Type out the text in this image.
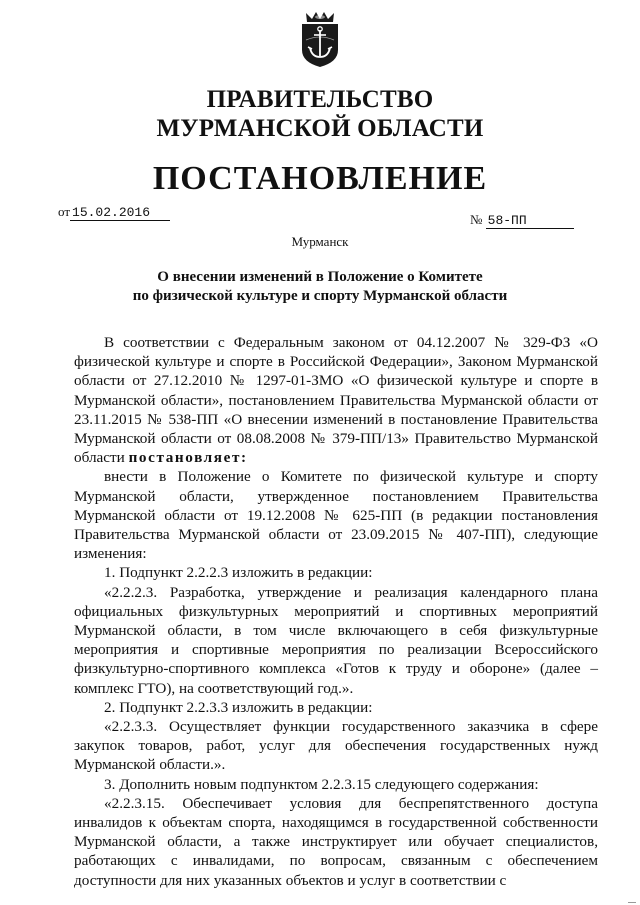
ПРАВИТЕЛЬСТВО
МУРМАНСКОЙ ОБЛАСТИ
ПОСТАНОВЛЕНИЕ
от 15.02.2016	№ 58-ПП
Мурманск
О внесении изменений в Положение о Комитете
по физической культуре и спорту Мурманской области

В соответствии с Федеральным законом от 04.12.2007 № 329-ФЗ «О физической культуре и спорте в Российской Федерации», Законом Мурманской области от 27.12.2010 № 1297-01-ЗМО «О физической культуре и спорте в Мурманской области», постановлением Правительства Мурманской области от 23.11.2015 № 538-ПП «О внесении изменений в постановление Правительства Мурманской области от 08.08.2008 № 379-ПП/13» Правительство Мурманской области постановляет:

внести в Положение о Комитете по физической культуре и спорту Мурманской области, утвержденное постановлением Правительства Мурманской области от 19.12.2008 № 625-ПП (в редакции постановления Правительства Мурманской области от 23.09.2015 № 407-ПП), следующие изменения:

1. Подпункт 2.2.2.3 изложить в редакции:

«2.2.2.3. Разработка, утверждение и реализация календарного плана официальных физкультурных мероприятий и спортивных мероприятий Мурманской области, в том числе включающего в себя физкультурные мероприятия и спортивные мероприятия по реализации Всероссийского физкультурно-спортивного комплекса «Готов к труду и обороне» (далее – комплекс ГТО), на соответствующий год.».

2. Подпункт 2.2.3.3 изложить в редакции:

«2.2.3.3. Осуществляет функции государственного заказчика в сфере закупок товаров, работ, услуг для обеспечения государственных нужд Мурманской области.».

3. Дополнить новым подпунктом 2.2.3.15 следующего содержания:

«2.2.3.15. Обеспечивает условия для беспрепятственного доступа инвалидов к объектам спорта, находящимся в государственной собственности Мурманской области, а также инструктирует или обучает специалистов, работающих с инвалидами, по вопросам, связанным с обеспечением доступности для них указанных объектов и услуг в соответствии с
